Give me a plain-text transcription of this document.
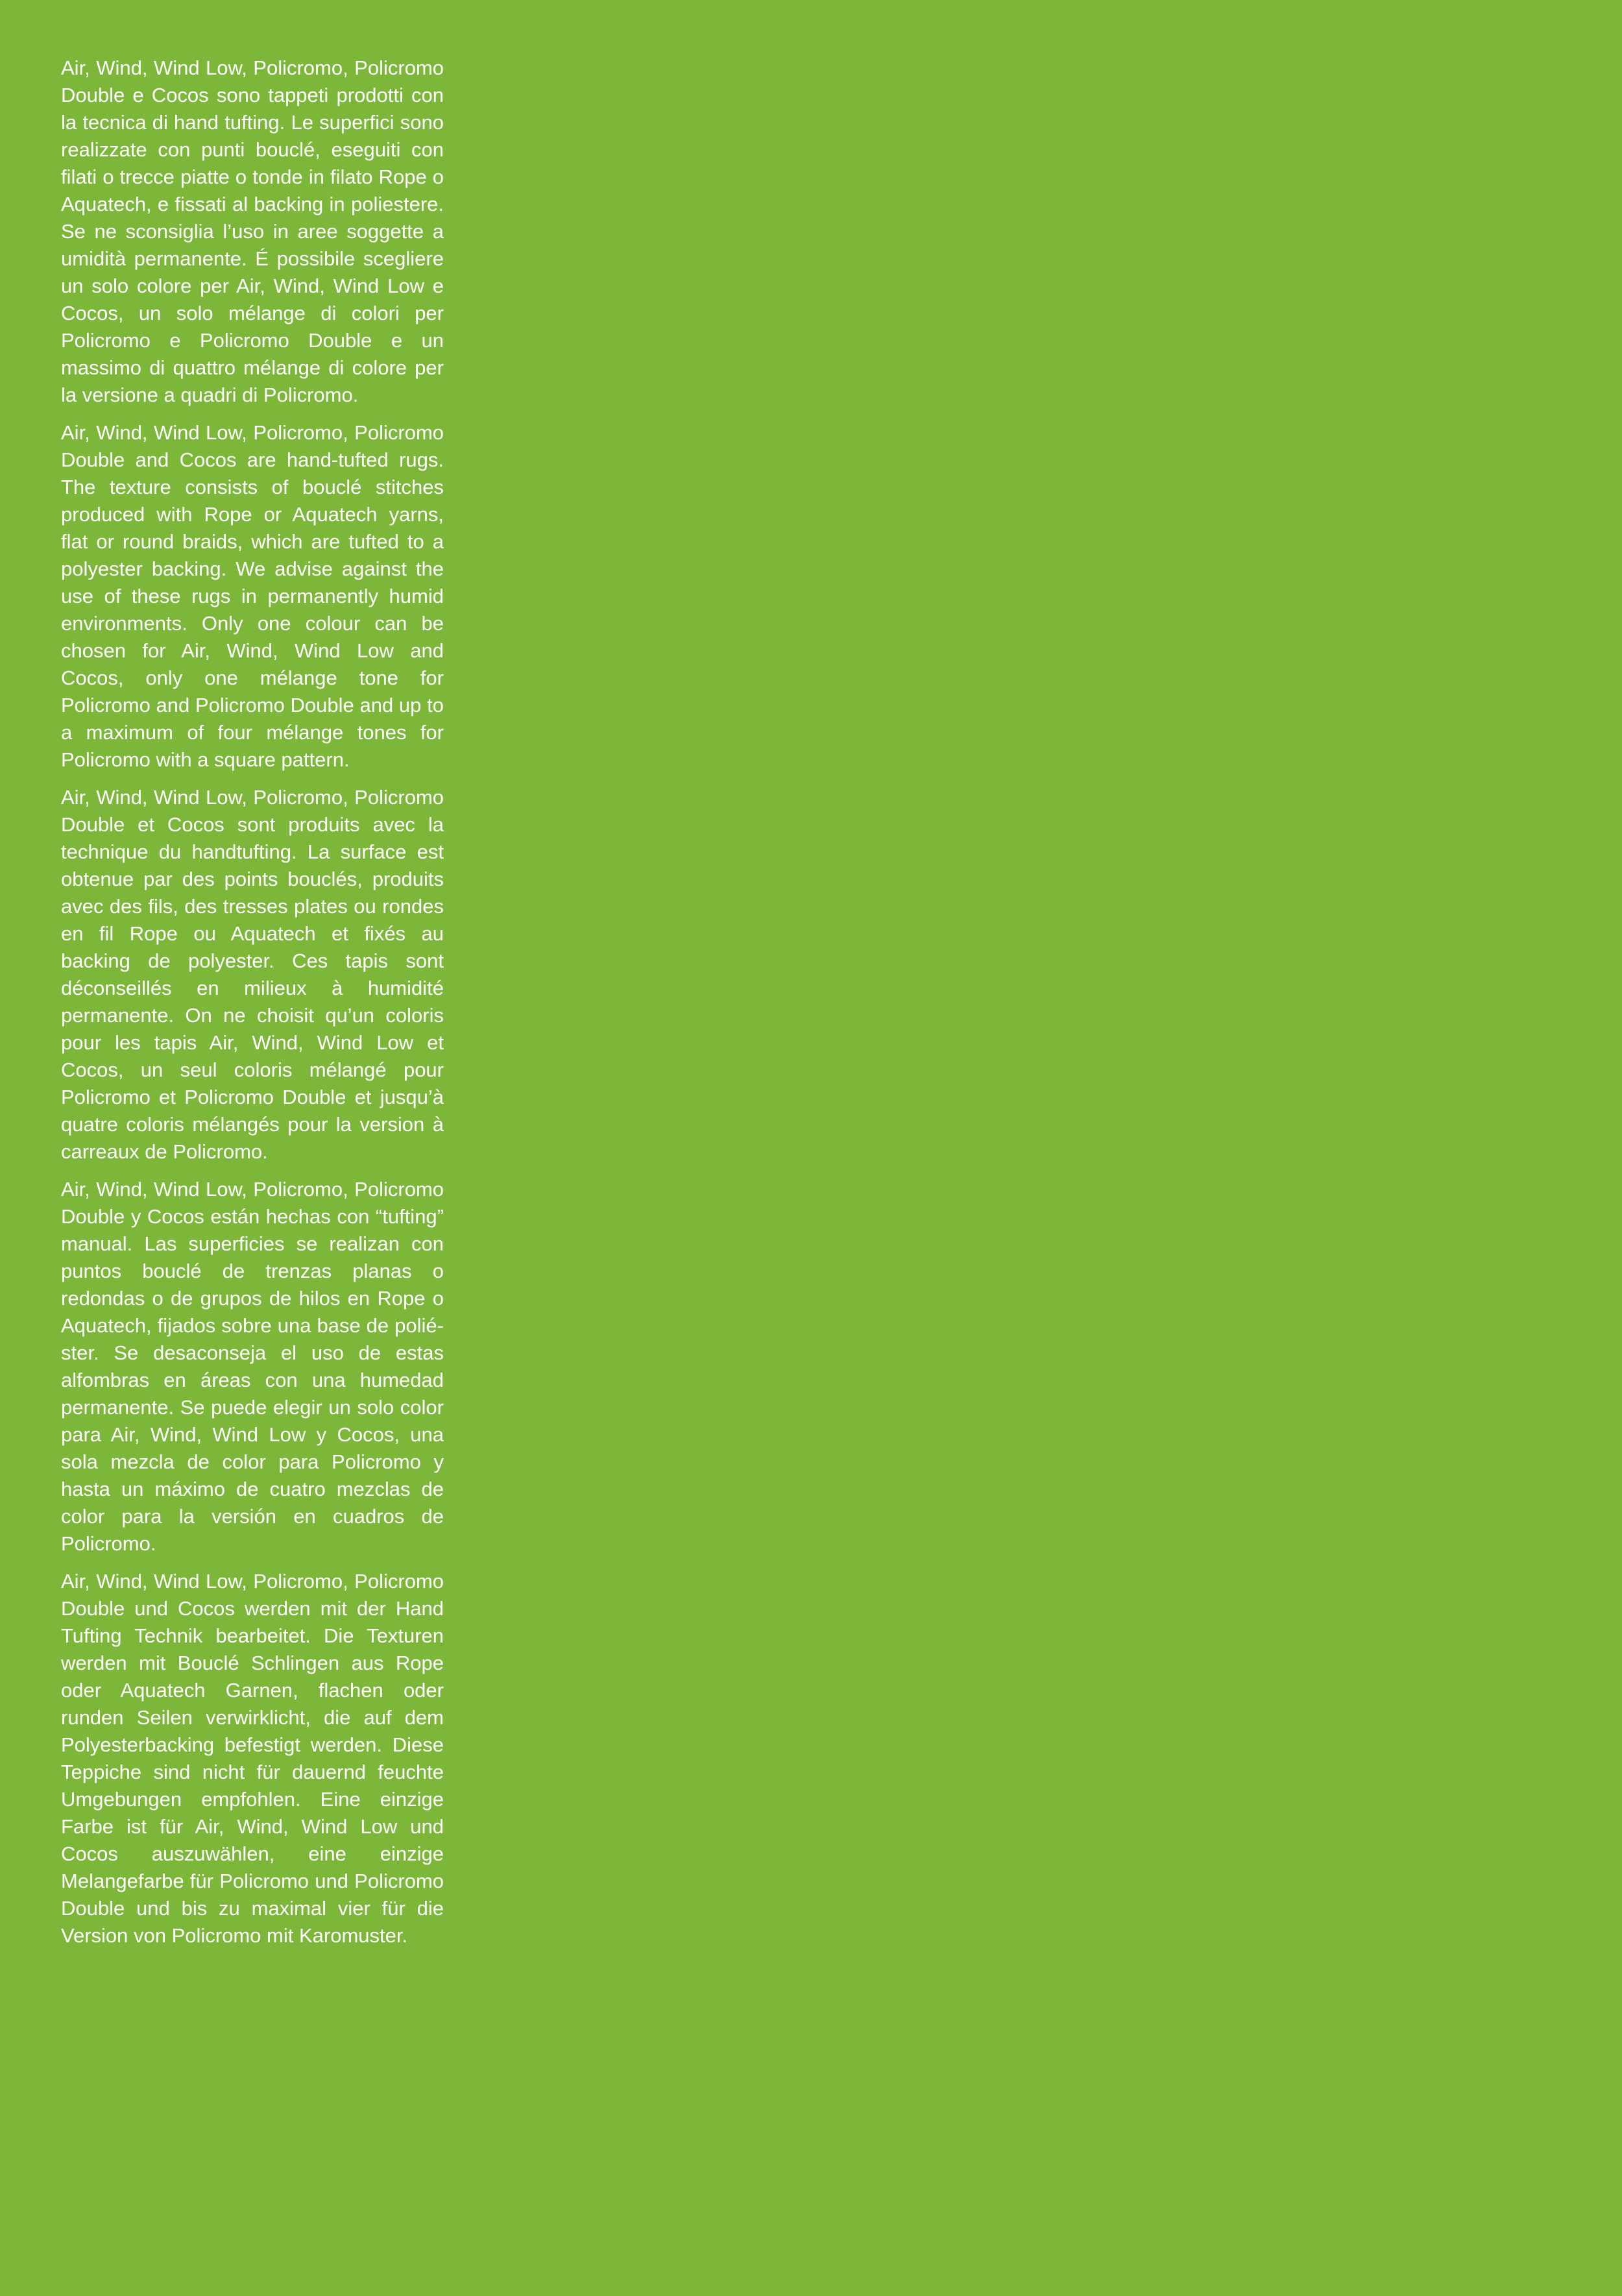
Air, Wind, Wind Low, Policromo, Policromo Double e Cocos sono tappeti prodotti con la tecnica di hand tufting. Le superfici sono realizzate con punti bouclé, eseguiti con filati o trecce piatte o tonde in filato Rope o Aquatech, e fissati al backing in poliestere. Se ne sconsiglia l’uso in aree soggette a umidità permanente. É possibile scegliere un solo colore per Air, Wind, Wind Low e Cocos, un solo mélange di colori per Policromo e Policromo Double e un massimo di quattro mélange di colore per la versione a quadri di Policromo.

Air, Wind, Wind Low, Policromo, Policromo Double and Cocos are hand-tufted rugs. The texture consists of bouclé stitches produced with Rope or Aquatech yarns, flat or round braids, which are tufted to a polyester backing. We advise against the use of these rugs in permanently humid environments. Only one colour can be chosen for Air, Wind, Wind Low and Cocos, only one mélange tone for Policromo and Policromo Double and up to a maximum of four mélange tones for Policromo with a square pattern.

Air, Wind, Wind Low, Policromo, Policromo Double et Cocos sont produits avec la technique du handtufting. La surface est obtenue par des points bouclés, produits avec des fils, des tresses plates ou rondes en fil Rope ou Aquatech et fixés au backing de polyester. Ces tapis sont déconseillés en milieux à humidité permanente. On ne choisit qu’un coloris pour les tapis Air, Wind, Wind Low et Cocos, un seul coloris mélangé pour Policromo et Policromo Double et jusqu’à quatre coloris mélangés pour la version à carreaux de Policromo.

Air, Wind, Wind Low, Policromo, Policromo Double y Cocos están hechas con “tufting” manual. Las superficies se realizan con puntos bouclé de trenzas planas o redondas o de grupos de hilos en Rope o Aquatech, fijados sobre una base de poliéster. Se desaconseja el uso de estas alfombras en áreas con una humedad permanente. Se puede elegir un solo color para Air, Wind, Wind Low y Cocos, una sola mezcla de color para Policromo y hasta un máximo de cuatro mezclas de color para la versión en cuadros de Policromo.

Air, Wind, Wind Low, Policromo, Policromo Double und Cocos werden mit der Hand Tufting Technik bearbeitet. Die Texturen werden mit Bouclé Schlingen aus Rope oder Aquatech Garnen, flachen oder runden Seilen verwirklicht, die auf dem Polyesterbacking befestigt werden. Diese Teppiche sind nicht für dauernd feuchte Umgebungen empfohlen. Eine einzige Farbe ist für Air, Wind, Wind Low und Cocos auszuwählen, eine einzige Melangefarbe für Policromo und Policromo Double und bis zu maximal vier für die Version von Policromo mit Karomuster.
